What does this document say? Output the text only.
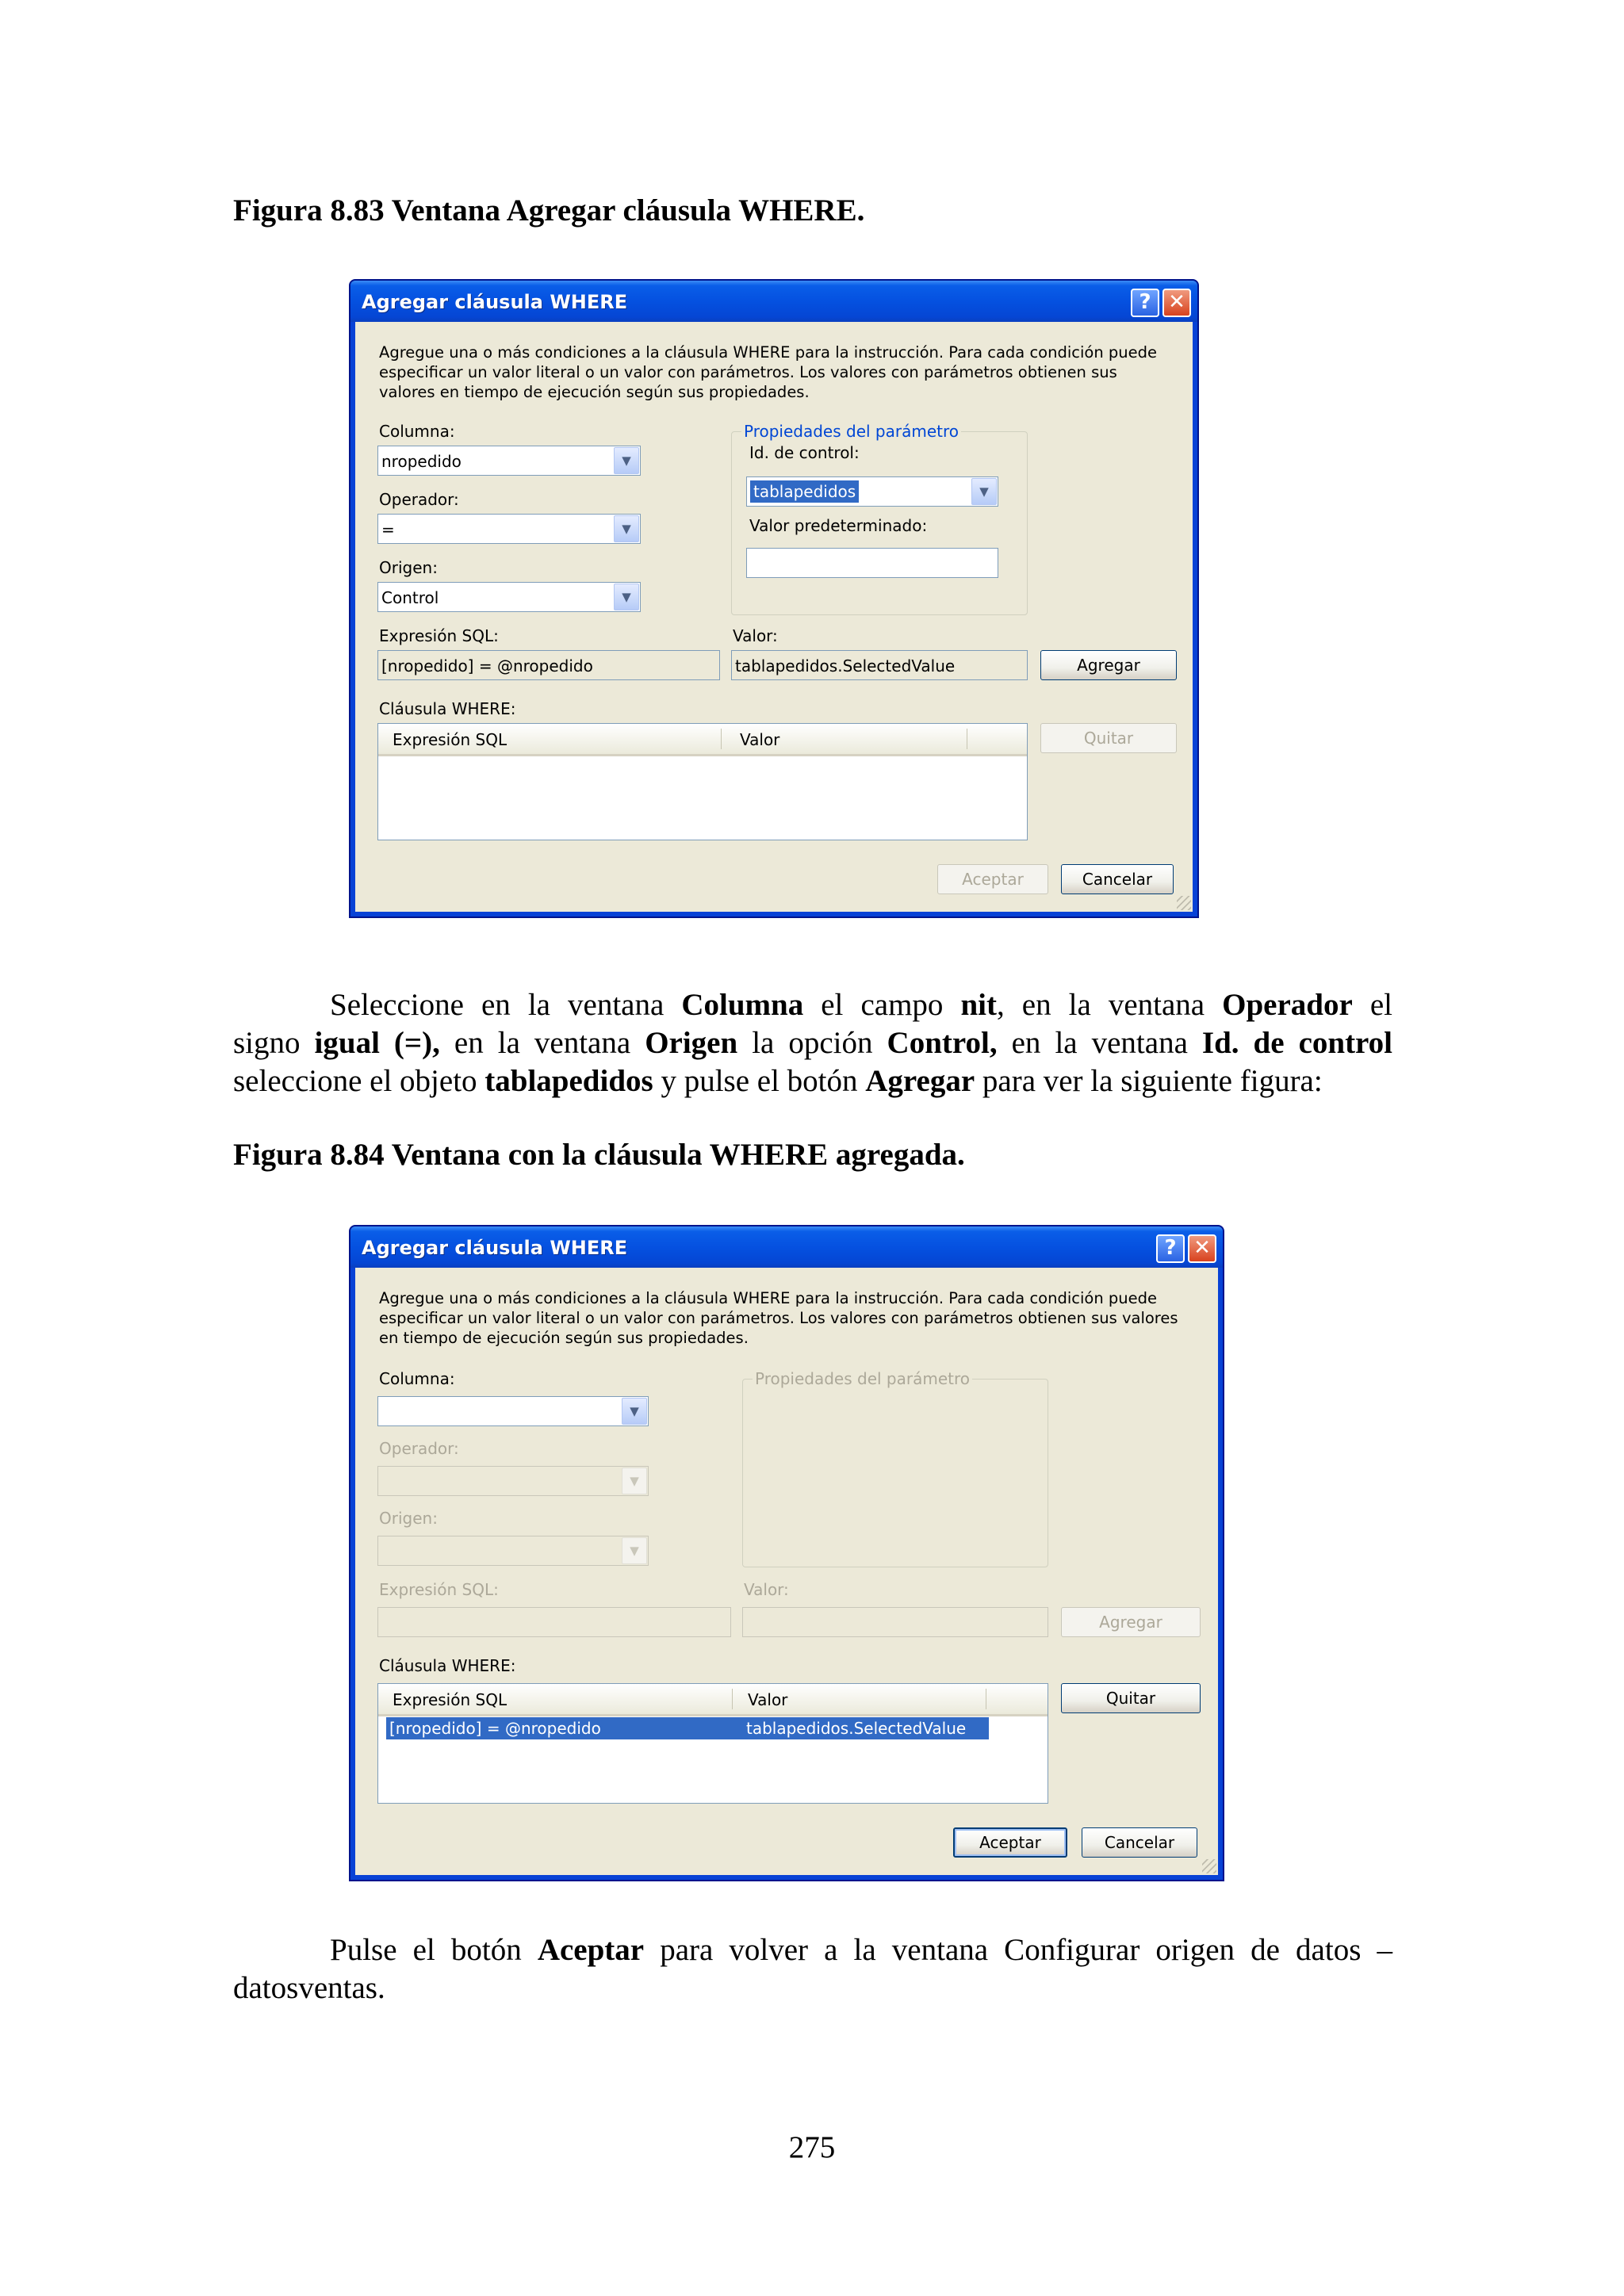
Figura 8.83 Ventana Agregar cláusula WHERE.
Agregar cláusula WHERE	? ✕
Agregue una o más condiciones a la cláusula WHERE para la instrucción. Para cada condición puede especificar un valor literal o un valor con parámetros. Los valores con parámetros obtienen sus valores en tiempo de ejecución según sus propiedades.
Columna:
nropedido	▼
Operador:
=	▼
Origen:
Control	▼
Propiedades del parámetro
Id. de control:
tablapedidos	▼
Valor predeterminado:
Expresión SQL:
[nropedido] = @nropedido
Valor:
tablapedidos.SelectedValue	Agregar
Cláusula WHERE:
Expresión SQL	Valor	Quitar
Aceptar	Cancelar
Seleccione en la ventana Columna el campo nit, en la ventana Operador el
signo igual (=), en la ventana Origen la opción Control, en la ventana Id. de control
seleccione el objeto tablapedidos y pulse el botón Agregar para ver la siguiente figura:
Figura 8.84 Ventana con la cláusula WHERE agregada.
Agregar cláusula WHERE	? ✕
Agregue una o más condiciones a la cláusula WHERE para la instrucción. Para cada condición puede especificar un valor literal o un valor con parámetros. Los valores con parámetros obtienen sus valores en tiempo de ejecución según sus propiedades.
Columna:
▼
Operador:
▼
Origen:
▼
Propiedades del parámetro
Expresión SQL:	Valor:
Agregar
Cláusula WHERE:
Expresión SQL	Valor
[nropedido] = @nropedido	tablapedidos.SelectedValue
Quitar
Aceptar	Cancelar
Pulse el botón Aceptar para volver a la ventana Configurar origen de datos –
datosventas.
275
